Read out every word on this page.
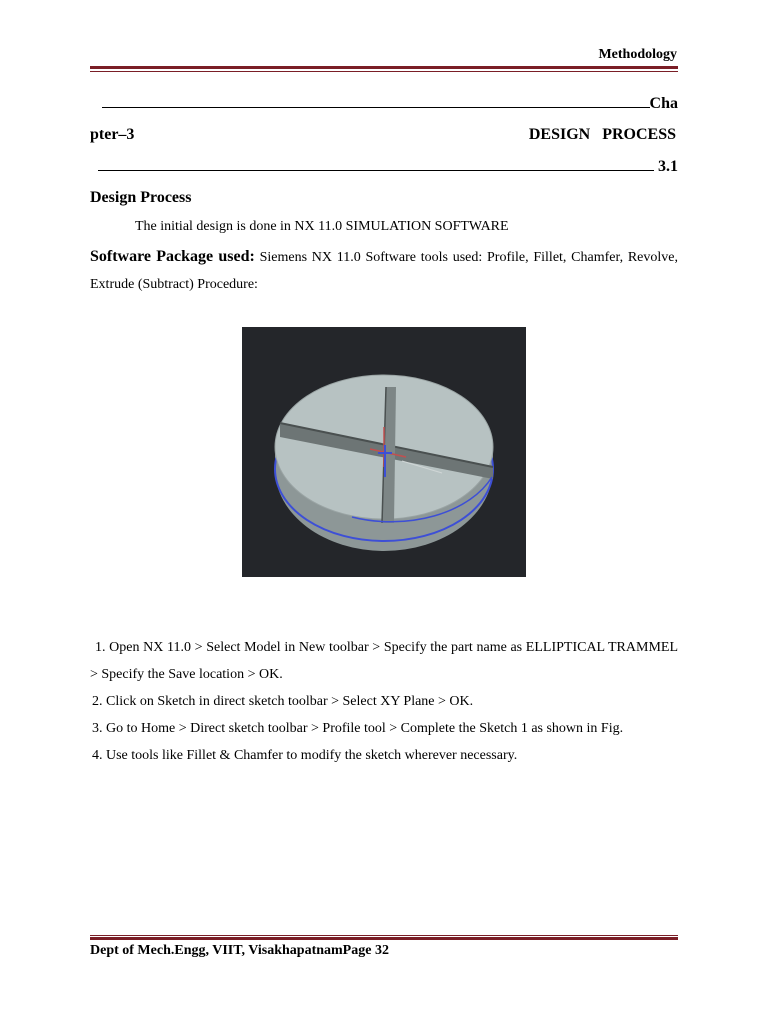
Methodology
Cha
pter–3	DESIGN   PROCESS
3.1
Design Process
The initial design is done in NX 11.0 SIMULATION SOFTWARE
Software Package used: Siemens NX 11.0 Software tools used: Profile, Fillet, Chamfer, Revolve, Extrude (Subtract) Procedure:
1. Open NX 11.0 > Select Model in New toolbar > Specify the part name as ELLIPTICAL TRAMMEL > Specify the Save location > OK.
2. Click on Sketch in direct sketch toolbar > Select XY Plane > OK.
3. Go to Home > Direct sketch toolbar > Profile tool > Complete the Sketch 1 as shown in Fig.
4. Use tools like Fillet & Chamfer to modify the sketch wherever necessary.
Dept of Mech.Engg, VIIT, VisakhapatnamPage 32
